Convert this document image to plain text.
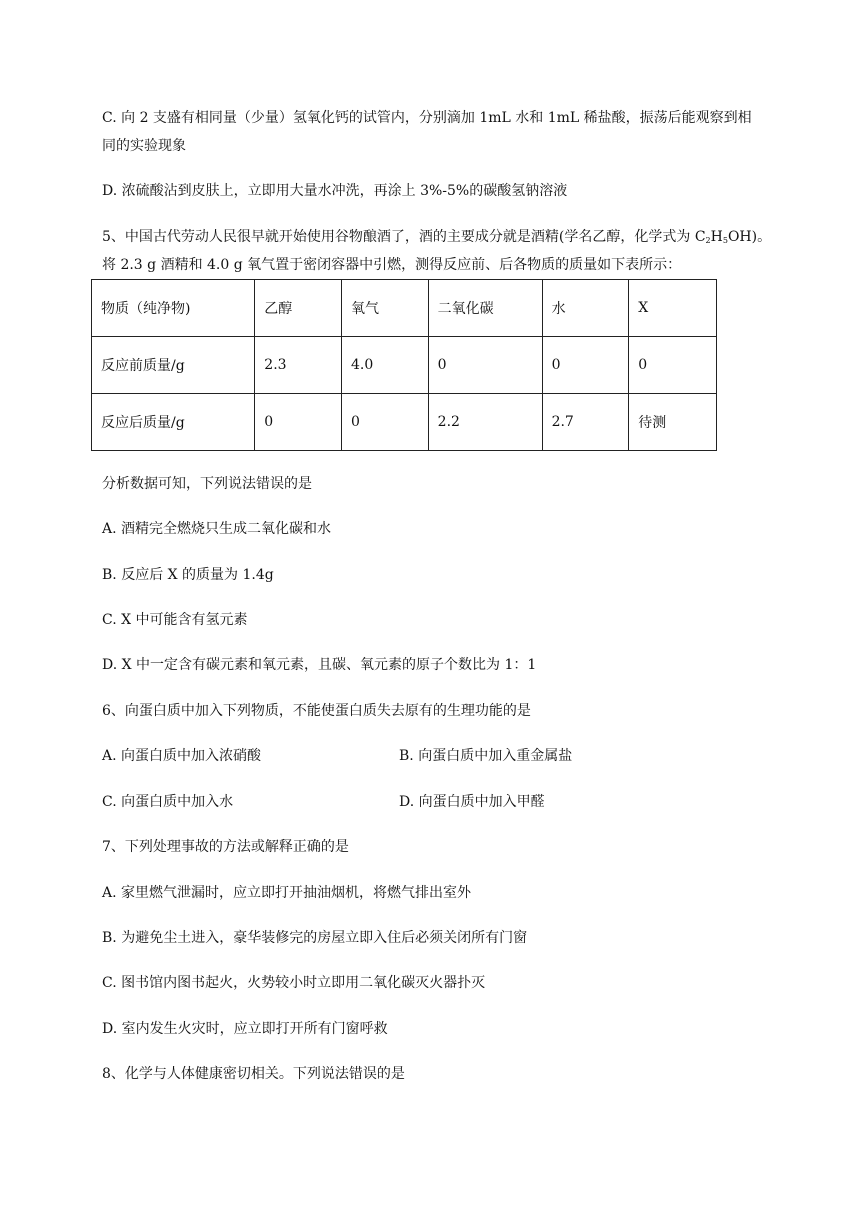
C. 向 2 支盛有相同量（少量）氢氧化钙的试管内，分别滴加 1mL 水和 1mL 稀盐酸，振荡后能观察到相
同的实验现象
D. 浓硫酸沾到皮肤上，立即用大量水冲洗，再涂上 3%-5%的碳酸氢钠溶液
5、中国古代劳动人民很早就开始使用谷物酿酒了，酒的主要成分就是酒精(学名乙醇，化学式为 $C_2H_5OH$)。
将 2.3 g 酒精和 4.0 g 氧气置于密闭容器中引燃，测得反应前、后各物质的质量如下表所示：
物质（纯净物)	乙醇	氧气	二氧化碳	水	X
反应前质量/g	2.3	4.0	0	0	0
反应后质量/g	0	0	2.2	2.7	待测
分析数据可知，下列说法错误的是
A. 酒精完全燃烧只生成二氧化碳和水
B. 反应后 X 的质量为 1.4g
C. X 中可能含有氢元素
D. X 中一定含有碳元素和氧元素，且碳、氧元素的原子个数比为 1：1
6、向蛋白质中加入下列物质，不能使蛋白质失去原有的生理功能的是
A. 向蛋白质中加入浓硝酸	B. 向蛋白质中加入重金属盐
C. 向蛋白质中加入水	D. 向蛋白质中加入甲醛
7、下列处理事故的方法或解释正确的是
A. 家里燃气泄漏时，应立即打开抽油烟机，将燃气排出室外
B. 为避免尘土进入，豪华装修完的房屋立即入住后必须关闭所有门窗
C. 图书馆内图书起火，火势较小时立即用二氧化碳灭火器扑灭
D. 室内发生火灾时，应立即打开所有门窗呼救
8、化学与人体健康密切相关。下列说法错误的是
